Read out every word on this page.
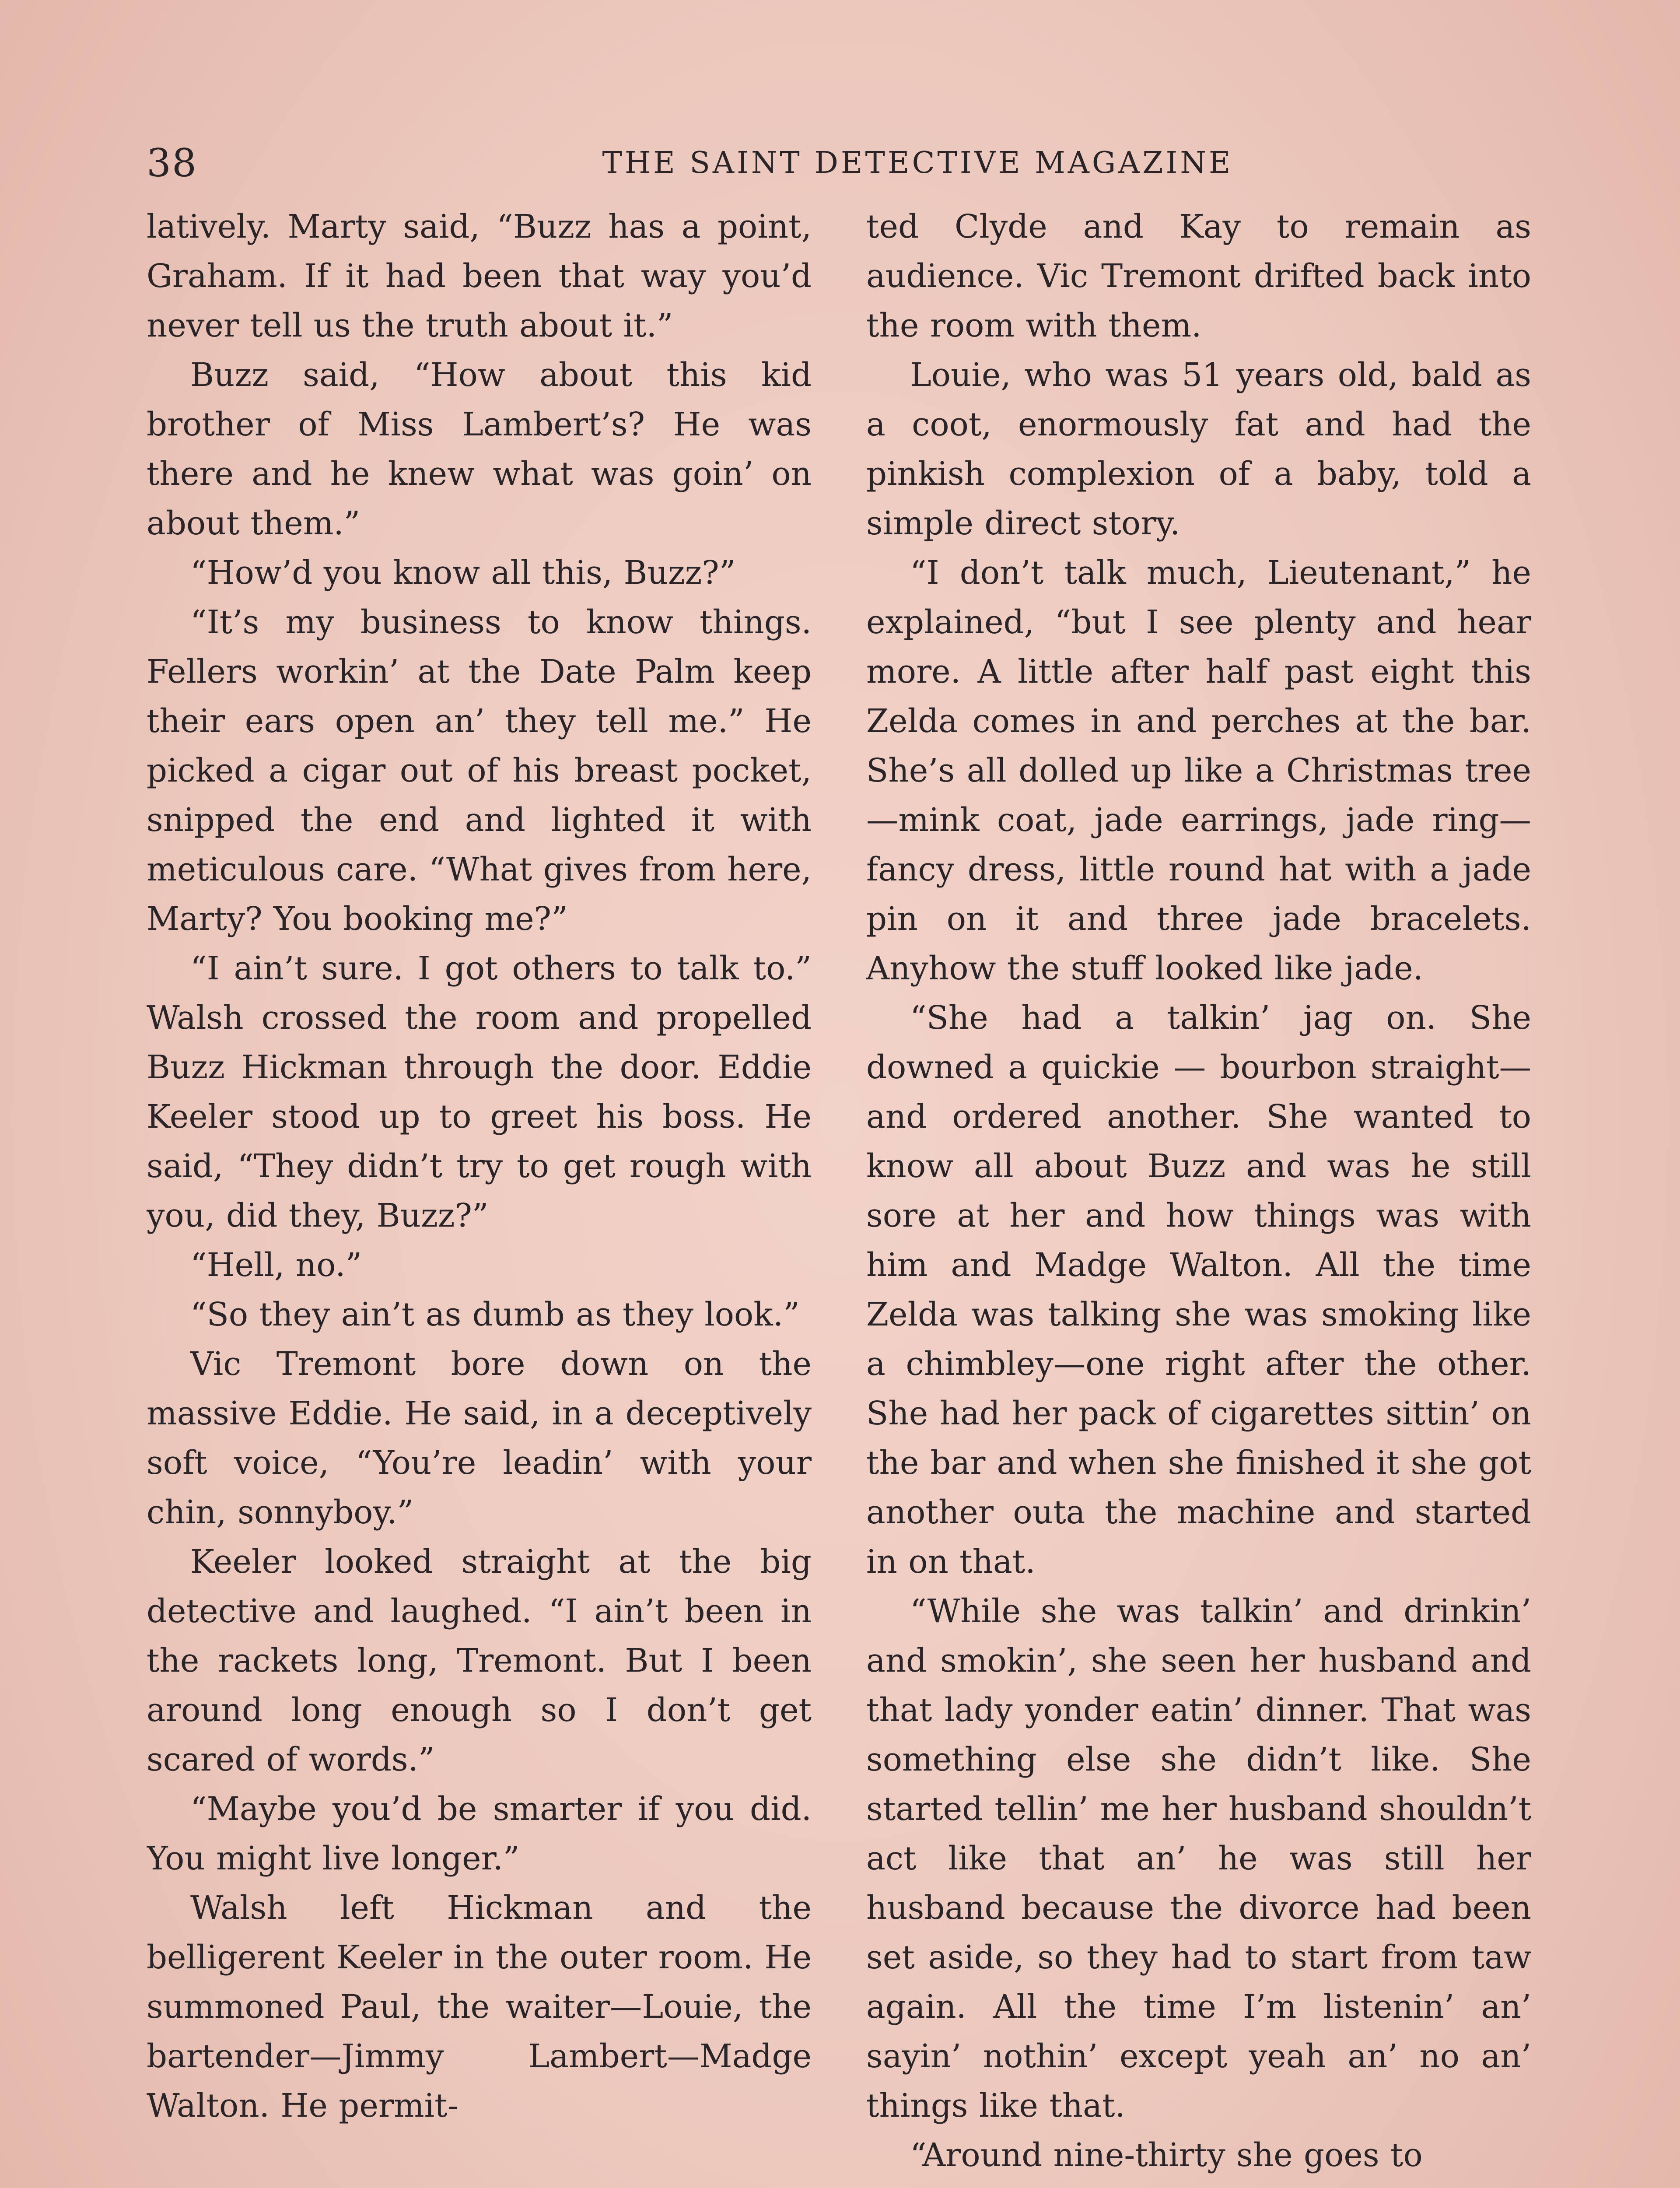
38	THE SAINT DETECTIVE MAGAZINE

latively. Marty said, “Buzz has a point, Graham. If it had been that way you’d never tell us the truth about it.”

Buzz said, “How about this kid brother of Miss Lambert’s? He was there and he knew what was goin’ on about them.”

“How’d you know all this, Buzz?”

“It’s my business to know things. Fellers workin’ at the Date Palm keep their ears open an’ they tell me.” He picked a cigar out of his breast pocket, snipped the end and lighted it with meticulous care. “What gives from here, Marty? You booking me?”

“I ain’t sure. I got others to talk to.” Walsh crossed the room and propelled Buzz Hickman through the door. Eddie Keeler stood up to greet his boss. He said, “They didn’t try to get rough with you, did they, Buzz?”

“Hell, no.”

“So they ain’t as dumb as they look.”

Vic Tremont bore down on the massive Eddie. He said, in a deceptively soft voice, “You’re leadin’ with your chin, sonnyboy.”

Keeler looked straight at the big detective and laughed. “I ain’t been in the rackets long, Tremont. But I been around long enough so I don’t get scared of words.”

“Maybe you’d be smarter if you did. You might live longer.”

Walsh left Hickman and the belligerent Keeler in the outer room. He summoned Paul, the waiter—Louie, the bartender—Jimmy Lambert—Madge Walton. He permit-

ted Clyde and Kay to remain as audience. Vic Tremont drifted back into the room with them.

Louie, who was 51 years old, bald as a coot, enormously fat and had the pinkish complexion of a baby, told a simple direct story.

“I don’t talk much, Lieutenant,” he explained, “but I see plenty and hear more. A little after half past eight this Zelda comes in and perches at the bar. She’s all dolled up like a Christmas tree—mink coat, jade earrings, jade ring—fancy dress, little round hat with a jade pin on it and three jade bracelets. Anyhow the stuff looked like jade.

“She had a talkin’ jag on. She downed a quickie — bourbon straight—and ordered another. She wanted to know all about Buzz and was he still sore at her and how things was with him and Madge Walton. All the time Zelda was talking she was smoking like a chimbley—one right after the other. She had her pack of cigarettes sittin’ on the bar and when she finished it she got another outa the machine and started in on that.

“While she was talkin’ and drinkin’ and smokin’, she seen her husband and that lady yonder eatin’ dinner. That was something else she didn’t like. She started tellin’ me her husband shouldn’t act like that an’ he was still her husband because the divorce had been set aside, so they had to start from taw again. All the time I’m listenin’ an’ sayin’ nothin’ except yeah an’ no an’ things like that.

“Around nine-thirty she goes to
